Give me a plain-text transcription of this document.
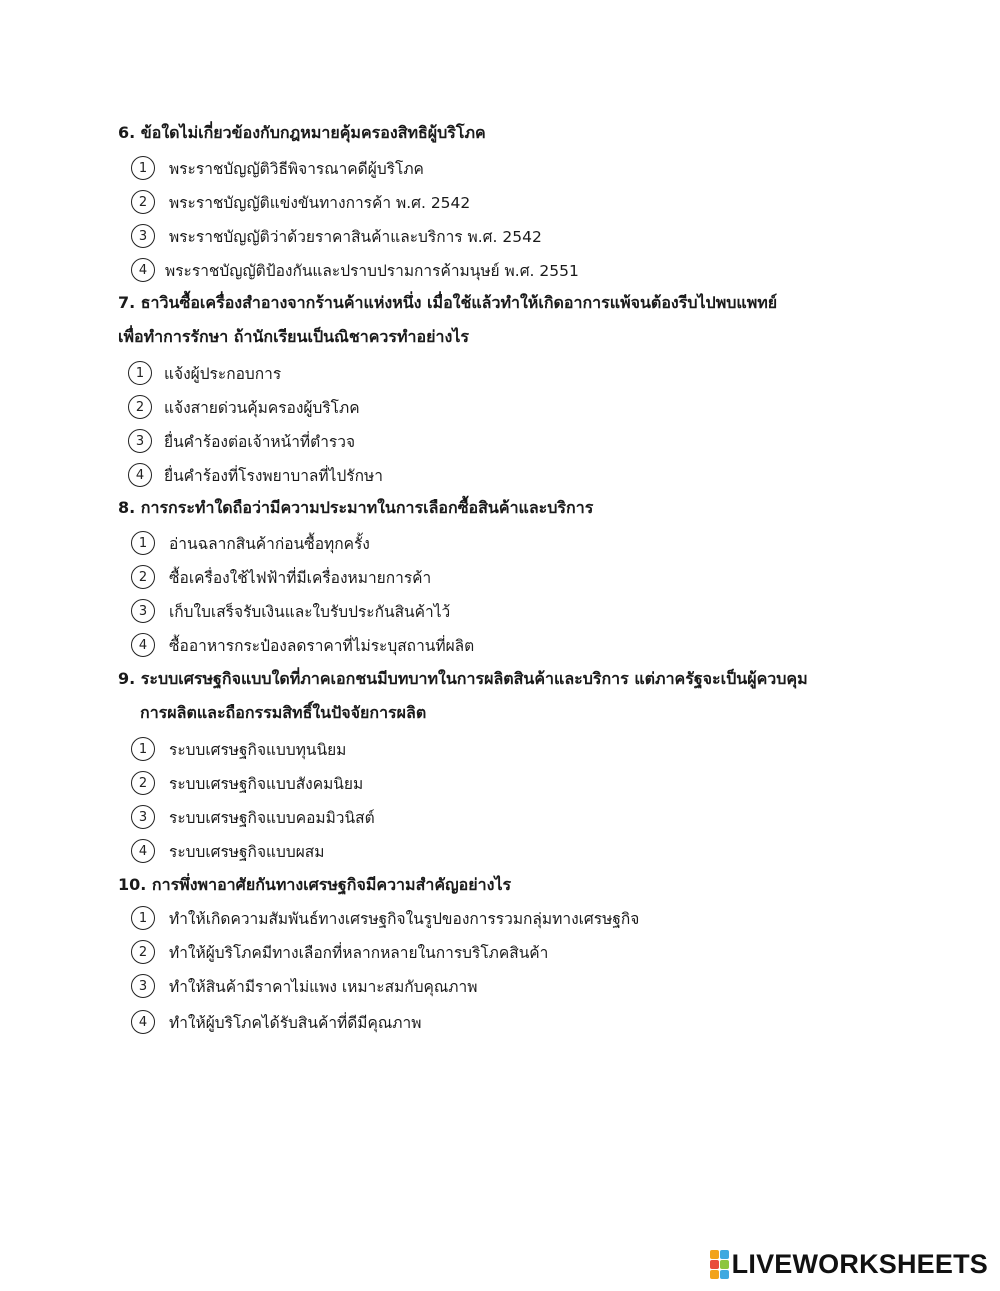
6. ข้อใดไม่เกี่ยวข้องกับกฎหมายคุ้มครองสิทธิผู้บริโภค
1	พระราชบัญญัติวิธีพิจารณาคดีผู้บริโภค
2	พระราชบัญญัติแข่งขันทางการค้า พ.ศ. 2542
3	พระราชบัญญัติว่าด้วยราคาสินค้าและบริการ พ.ศ. 2542
4	พระราชบัญญัติป้องกันและปราบปรามการค้ามนุษย์ พ.ศ. 2551
7. ธาวินซื้อเครื่องสำอางจากร้านค้าแห่งหนึ่ง เมื่อใช้แล้วทำให้เกิดอาการแพ้จนต้องรีบไปพบแพทย์
เพื่อทำการรักษา ถ้านักเรียนเป็นณิชาควรทำอย่างไร
1	แจ้งผู้ประกอบการ
2	แจ้งสายด่วนคุ้มครองผู้บริโภค
3	ยื่นคำร้องต่อเจ้าหน้าที่ตำรวจ
4	ยื่นคำร้องที่โรงพยาบาลที่ไปรักษา
8. การกระทำใดถือว่ามีความประมาทในการเลือกซื้อสินค้าและบริการ
1	อ่านฉลากสินค้าก่อนซื้อทุกครั้ง
2	ซื้อเครื่องใช้ไฟฟ้าที่มีเครื่องหมายการค้า
3	เก็บใบเสร็จรับเงินและใบรับประกันสินค้าไว้
4	ซื้ออาหารกระป๋องลดราคาที่ไม่ระบุสถานที่ผลิต
9. ระบบเศรษฐกิจแบบใดที่ภาคเอกชนมีบทบาทในการผลิตสินค้าและบริการ แต่ภาครัฐจะเป็นผู้ควบคุม
การผลิตและถือกรรมสิทธิ์ในปัจจัยการผลิต
1	ระบบเศรษฐกิจแบบทุนนิยม
2	ระบบเศรษฐกิจแบบสังคมนิยม
3	ระบบเศรษฐกิจแบบคอมมิวนิสต์
4	ระบบเศรษฐกิจแบบผสม
10. การพึ่งพาอาศัยกันทางเศรษฐกิจมีความสำคัญอย่างไร
1	ทำให้เกิดความสัมพันธ์ทางเศรษฐกิจในรูปของการรวมกลุ่มทางเศรษฐกิจ
2	ทำให้ผู้บริโภคมีทางเลือกที่หลากหลายในการบริโภคสินค้า
3	ทำให้สินค้ามีราคาไม่แพง เหมาะสมกับคุณภาพ
4	ทำให้ผู้บริโภคได้รับสินค้าที่ดีมีคุณภาพ
LIVEWORKSHEETS
